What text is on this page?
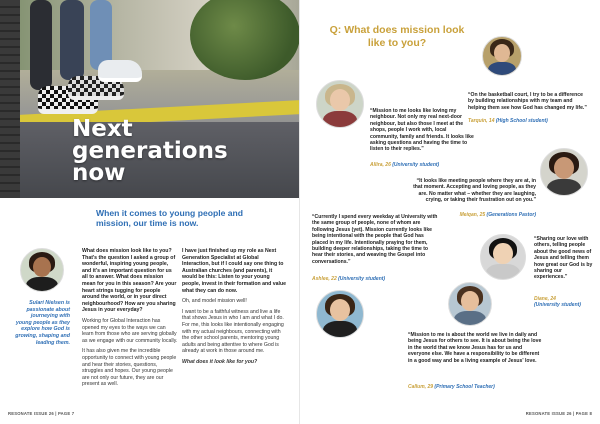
Next
generations
now
When it comes to young people and mission, our time is now.
Sulari Nielsen is passionate about journeying with young people as they explore how God is growing, shaping and leading them.

What does mission look like to you? That's the question I asked a group of wonderful, inspiring young people, and it's an important question for us all to answer. What does mission mean for you in this season? Are your heart strings tugging for people around the world, or in your direct neighbourhood? How are you sharing Jesus in your everyday?

Working for Global Interaction has opened my eyes to the ways we can learn from those who are serving globally as we engage with our community locally.

It has also given me the incredible opportunity to connect with young people and hear their stories, questions, struggles and hopes. Our young people are not only our future, they are our present as well.

I have just finished up my role as Next Generation Specialist at Global Interaction, but if I could say one thing to Australian churches (and parents), it would be this: Listen to your young people, invest in their formation and value what they can do now.

Oh, and model mission well!

I want to be a faithful witness and live a life that shows Jesus in who I am and what I do. For me, this looks like intentionally engaging with my actual neighbours, connecting with the other school parents, mentoring young adults and being attentive to where God is already at work in those around me.

What does it look like for you?

RESONATE ISSUE 26 | PAGE 7
Q: What does mission look like to you?
“On the basketball court, I try to be a difference by building relationships with my team and helping them see how God has changed my life.”
Tarquin, 14 (High School student)
“Mission to me looks like loving my neighbour. Not only my real next-door neighbour, but also those I meet at the shops, people I work with, local community, family and friends. It looks like asking questions and having the time to listen to their replies.”
Allira, 26 (University student)
“It looks like meeting people where they are at, in that moment. Accepting and loving people, as they are. No matter what – whether they are laughing, crying, or taking their frustration out on you.”
Meiqan, 25 (Generations Pastor)
“Currently I spend every weekday at University with the same group of people, none of whom are following Jesus (yet). Mission currently looks like being intentional with the people that God has placed in my life. Intentionally praying for them, building deeper relationships, taking the time to hear their stories, and weaving the Gospel into conversations.”
Ashlee, 22 (University student)
“Sharing our love with others, telling people about the good news of Jesus and telling them how great our God is by sharing our experiences.”
Diane, 24
(University student)
“Mission to me is about the world we live in daily and being Jesus for others to see. It is about being the love in the world that we know Jesus has for us and everyone else. We have a responsibility to be different in a good way and be a living example of Jesus' love.
Callum, 29 (Primary School Teacher)
RESONATE ISSUE 26 | PAGE 8
